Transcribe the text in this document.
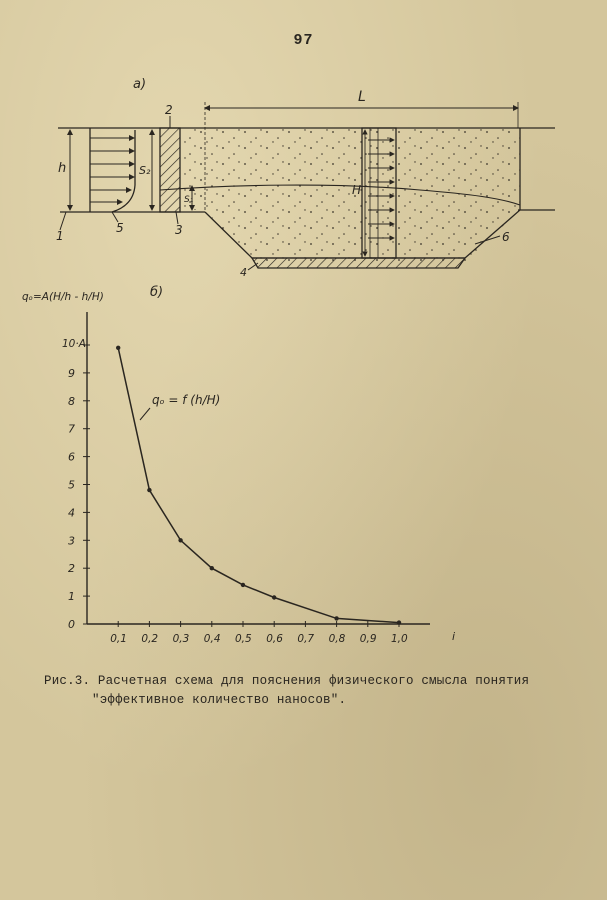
97
а)
L
h
H
S₂
S₁
1
2
3
4
5
6
б)
qₒ=A(H/h - h/H)
10·A
qₒ = f (h/H)
i
0
1
2
3
4
5
6
7
8
9
0,1 0,2 0,3 0,4 0,5 0,6 0,7 0,8 0,9 1,0
Рис.3. Расчетная схема для пояснения физического смысла понятия
"эффективное количество наносов".
